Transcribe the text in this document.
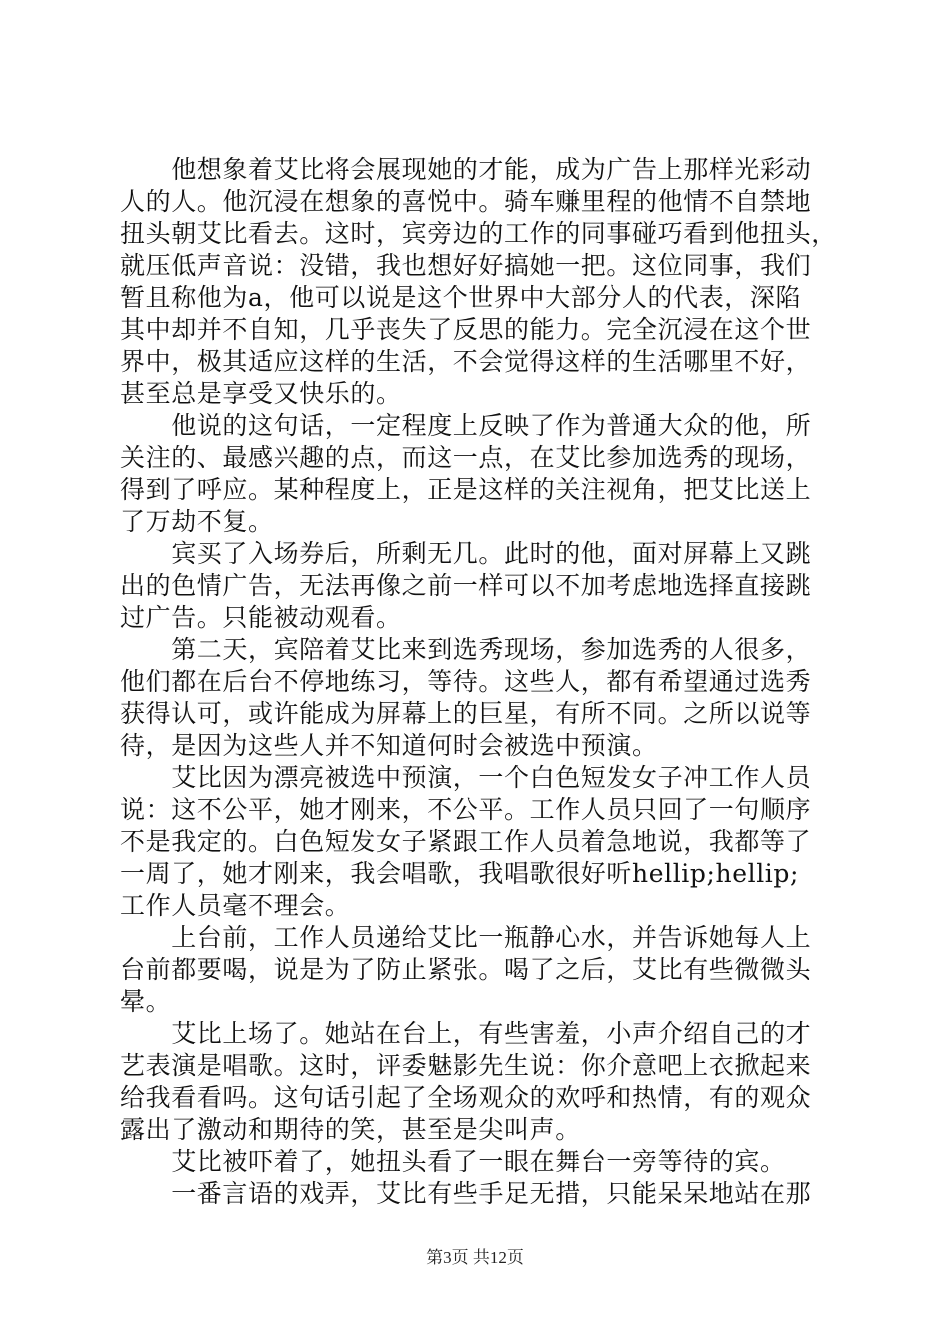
　　他想象着艾比将会展现她的才能，成为广告上那样光彩动
人的人。他沉浸在想象的喜悦中。骑车赚里程的他情不自禁地
扭头朝艾比看去。这时，宾旁边的工作的同事碰巧看到他扭头，
就压低声音说：没错，我也想好好搞她一把。这位同事，我们
暂且称他为a，他可以说是这个世界中大部分人的代表，深陷
其中却并不自知，几乎丧失了反思的能力。完全沉浸在这个世
界中，极其适应这样的生活，不会觉得这样的生活哪里不好，
甚至总是享受又快乐的。
　　他说的这句话，一定程度上反映了作为普通大众的他，所
关注的、最感兴趣的点，而这一点，在艾比参加选秀的现场，
得到了呼应。某种程度上，正是这样的关注视角，把艾比送上
了万劫不复。
　　宾买了入场券后，所剩无几。此时的他，面对屏幕上又跳
出的色情广告，无法再像之前一样可以不加考虑地选择直接跳
过广告。只能被动观看。
　　第二天，宾陪着艾比来到选秀现场，参加选秀的人很多，
他们都在后台不停地练习，等待。这些人，都有希望通过选秀
获得认可，或许能成为屏幕上的巨星，有所不同。之所以说等
待，是因为这些人并不知道何时会被选中预演。
　　艾比因为漂亮被选中预演，一个白色短发女子冲工作人员
说：这不公平，她才刚来，不公平。工作人员只回了一句顺序
不是我定的。白色短发女子紧跟工作人员着急地说，我都等了
一周了，她才刚来，我会唱歌，我唱歌很好听hellip;hellip;
工作人员毫不理会。
　　上台前，工作人员递给艾比一瓶静心水，并告诉她每人上
台前都要喝，说是为了防止紧张。喝了之后，艾比有些微微头
晕。
　　艾比上场了。她站在台上，有些害羞，小声介绍自己的才
艺表演是唱歌。这时，评委魅影先生说：你介意吧上衣掀起来
给我看看吗。这句话引起了全场观众的欢呼和热情，有的观众
露出了激动和期待的笑，甚至是尖叫声。
　　艾比被吓着了，她扭头看了一眼在舞台一旁等待的宾。
　　一番言语的戏弄，艾比有些手足无措，只能呆呆地站在那
第3页 共12页
